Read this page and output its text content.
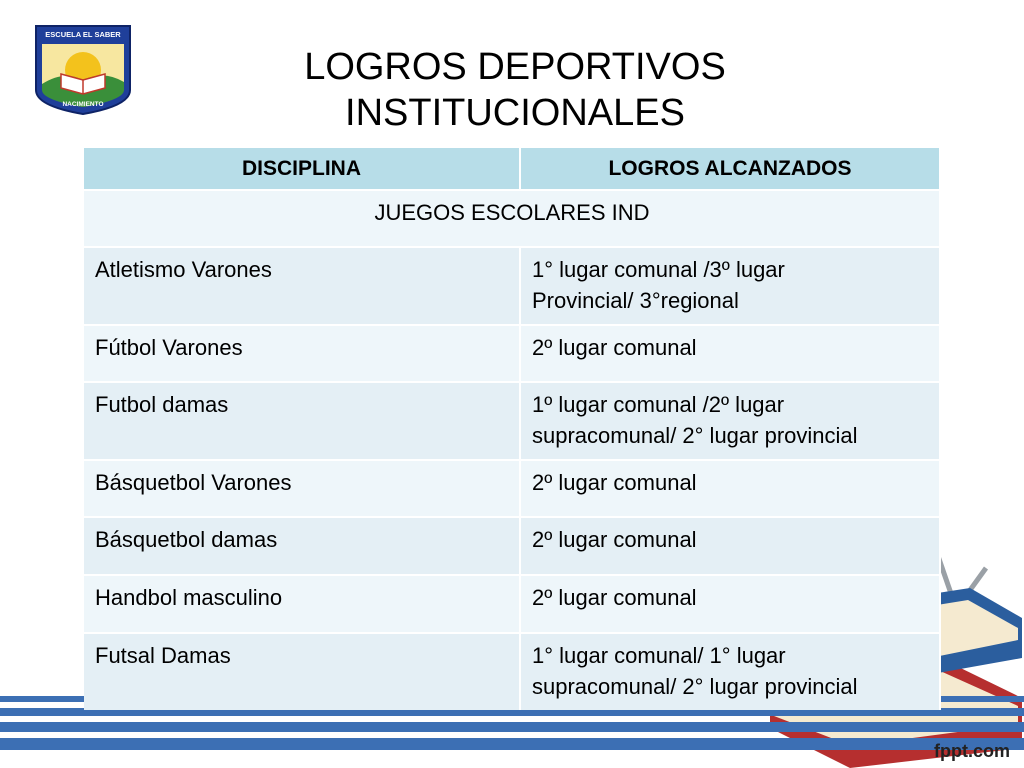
ESCUELA EL SABER
NACIMIENTO
LOGROS DEPORTIVOS
INSTITUCIONALES
DISCIPLINA	LOGROS ALCANZADOS
JUEGOS ESCOLARES IND	
Atletismo Varones	1° lugar comunal /3º lugar
Provincial/ 3°regional
Fútbol Varones	2º lugar comunal
Futbol damas	1º lugar comunal /2º lugar
supracomunal/ 2° lugar provincial
Básquetbol Varones	2º lugar comunal
Básquetbol damas	2º lugar comunal
Handbol masculino	2º lugar comunal
Futsal Damas	1° lugar comunal/ 1° lugar
supracomunal/ 2° lugar provincial
fppt.com
